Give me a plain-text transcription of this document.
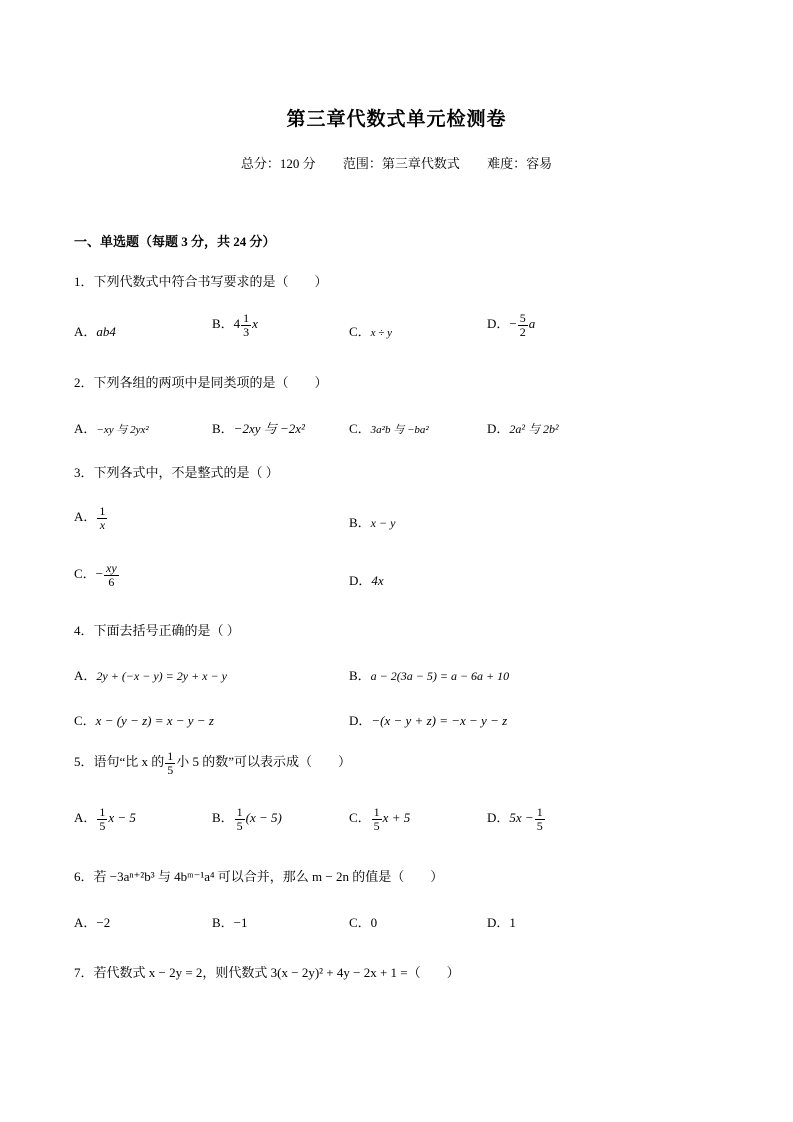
第三章代数式单元检测卷
总分：120 分 范围：第三章代数式 难度：容易
一、单选题（每题 3 分，共 24 分）
1．下列代数式中符合书写要求的是（　　）
A．ab4
B．$4 \frac{1}{3}$ x
C．x ÷ y
D．− $\frac{5}{2}$ a
2．下列各组的两项中是同类项的是（　　）
A．−xy 与 2yx²	B．−2xy 与 −2x²	C．3a²b 与 −ba²	D．2a² 与 2b²
3．下列各式中，不是整式的是（ ）
A． $\frac{1}{x}$	B．x − y
C．− $\frac{xy}{6}$	D．4x
4．下面去括号正确的是（ ）
A．2y + (−x − y) = 2y + x − y	B．a − 2(3a − 5) = a − 6a + 10
C．x − (y − z) = x − y − z	D．−(x − y + z) = −x − y − z
5．语句“比 x 的 $\frac{1}{5}$ 小 5 的数”可以表示成（　　）
A． $\frac{1}{5}$ x − 5	B． $\frac{1}{5} (x - 5)$	C． $\frac{1}{5}$ x + 5	D．$5x - \frac{1}{5}$
6．若 −3aⁿ⁺²b³ 与 4bᵐ⁻¹a⁴ 可以合并，那么 m − 2n 的值是（　　）
A．−2	B．−1	C．0	D．1
7．若代数式 x − 2y = 2，则代数式 3(x − 2y)² + 4y − 2x + 1 =（　　）
